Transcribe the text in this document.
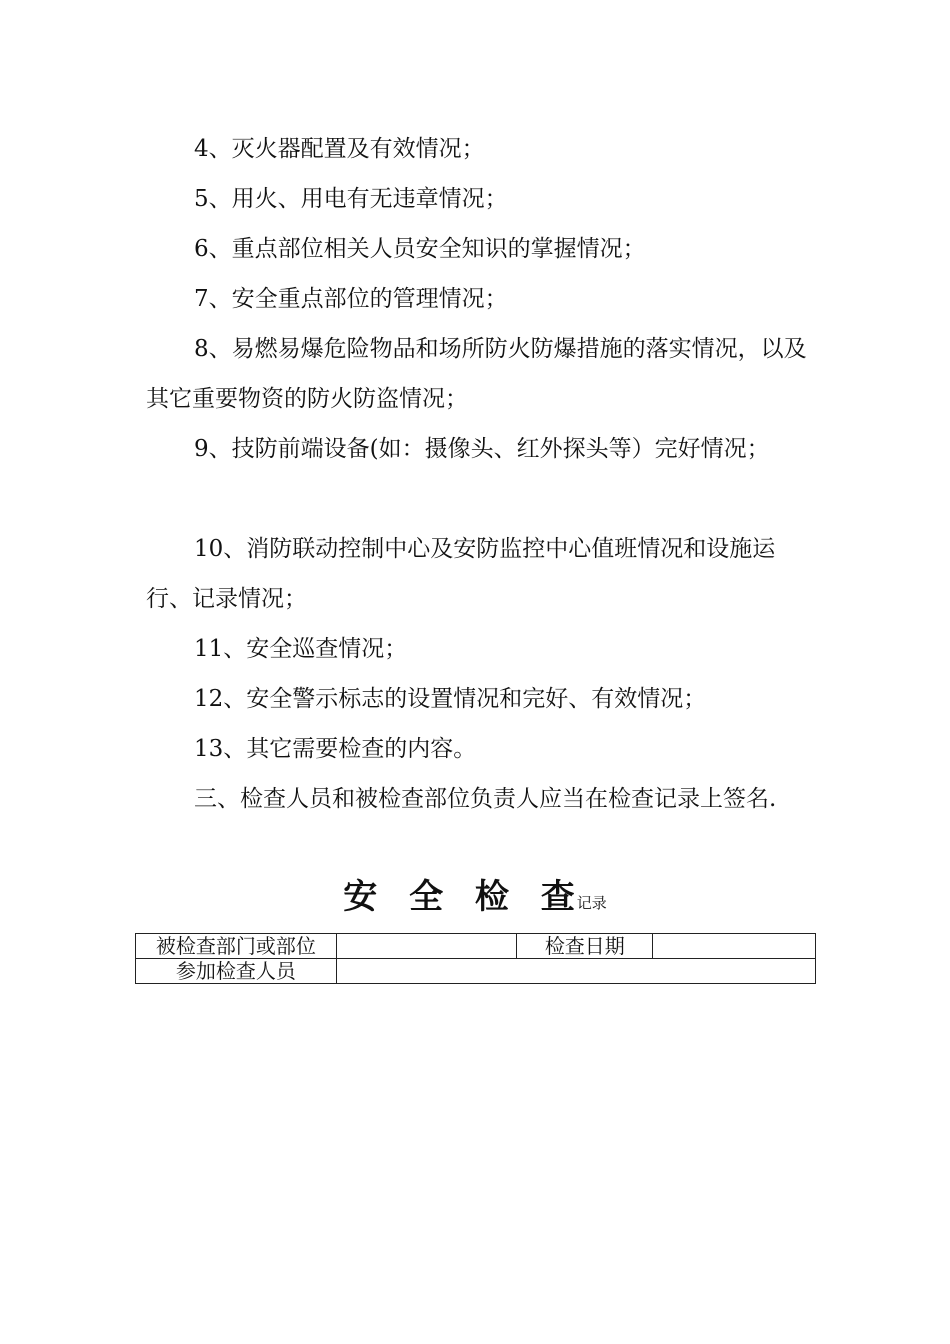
4、灭火器配置及有效情况；

5、用火、用电有无违章情况；

6、重点部位相关人员安全知识的掌握情况；

7、安全重点部位的管理情况；

8、易燃易爆危险物品和场所防火防爆措施的落实情况，以及其它重要物资的防火防盗情况；

9、技防前端设备(如：摄像头、红外探头等）完好情况；

10、消防联动控制中心及安防监控中心值班情况和设施运行、记录情况；

11、安全巡查情况；

12、安全警示标志的设置情况和完好、有效情况；

13、其它需要检查的内容。

三、检查人员和被检查部位负责人应当在检查记录上签名.

安 全 检 查记录
被检查部门或部位		检查日期	
参加检查人员			
